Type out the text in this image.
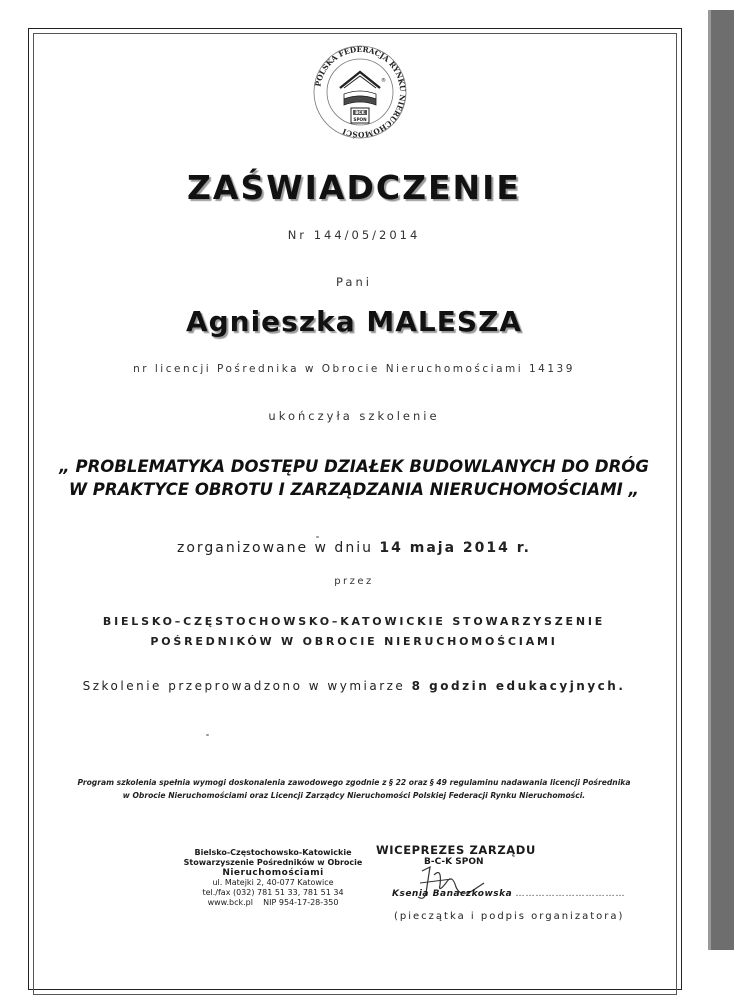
POLSKA FEDERACJA RYNKU NIERUCHOMOŚCI
®
BCK
SPON
ZAŚWIADCZENIE
Nr 144/05/2014
Pani
Agnieszka MALESZA
nr licencji Pośrednika w Obrocie Nieruchomościami 14139
ukończyła szkolenie
„ PROBLEMATYKA DOSTĘPU DZIAŁEK BUDOWLANYCH DO DRÓG
W PRAKTYCE OBROTU I ZARZĄDZANIA NIERUCHOMOŚCIAMI „
zorganizowane w dniu 14 maja 2014 r.
przez
BIELSKO–CZĘSTOCHOWSKO–KATOWICKIE STOWARZYSZENIE
POŚREDNIKÓW W OBROCIE NIERUCHOMOŚCIAMI
Szkolenie przeprowadzono w wymiarze 8 godzin edukacyjnych.
Program szkolenia spełnia wymogi doskonalenia zawodowego zgodnie z § 22 oraz § 49 regulaminu nadawania licencji Pośrednika
w Obrocie Nieruchomościami oraz Licencji Zarządcy Nieruchomości Polskiej Federacji Rynku Nieruchomości.
Bielsko-Częstochowsko-Katowickie
Stowarzyszenie Pośredników w Obrocie
Nieruchomościami
ul. Matejki 2, 40-077 Katowice
tel./fax (032) 781 51 33, 781 51 34
www.bck.pl NIP 954-17-28-350
WICEPREZES ZARZĄDU
B-C-K SPON
Ksenia Banaczkowska ……………………………
(pieczątka i podpis organizatora)
